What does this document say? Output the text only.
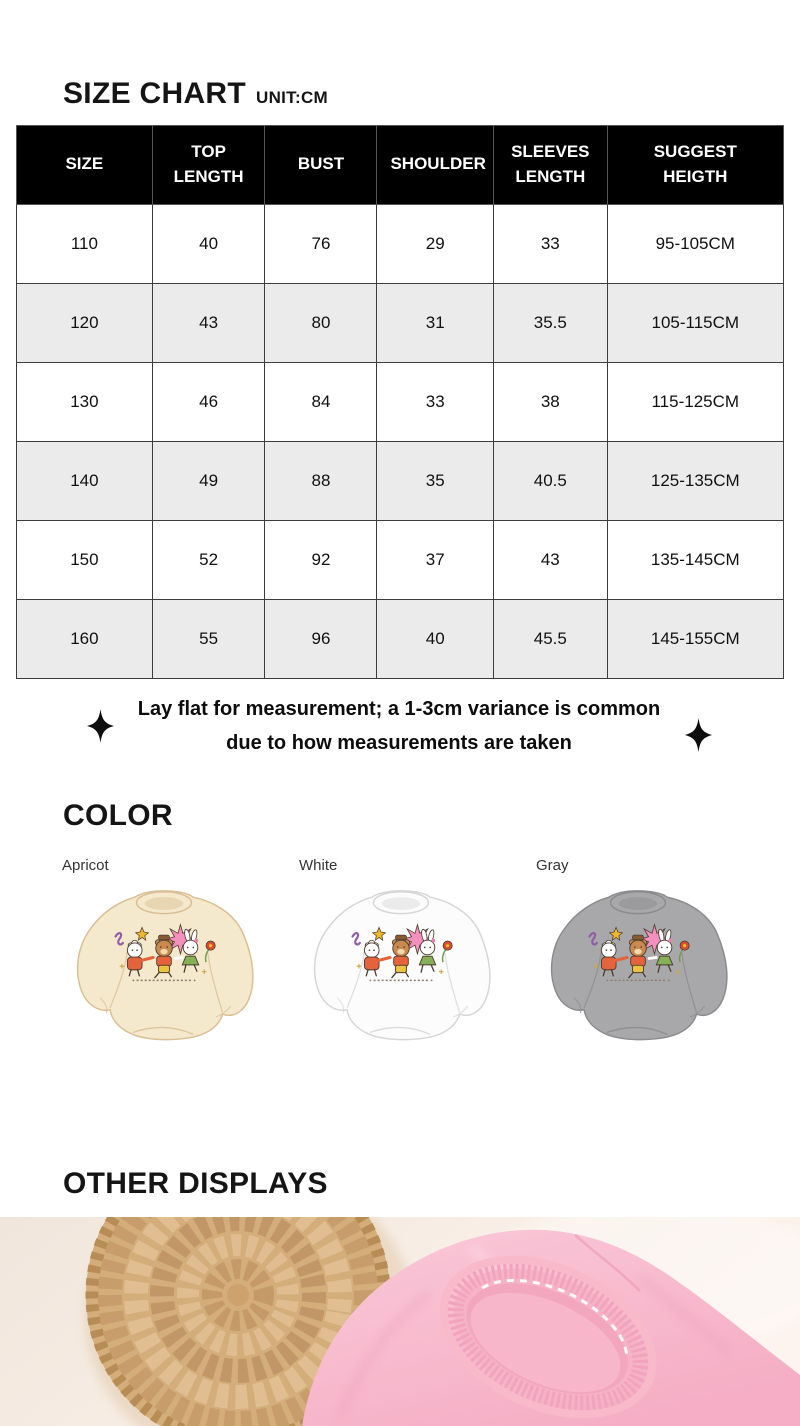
SIZE CHART UNIT:CM
SIZE	TOP LENGTH	BUST	SHOULDER	SLEEVES LENGTH	SUGGEST HEIGTH
110	40	76	29	33	95-105CM
120	43	80	31	35.5	105-115CM
130	46	84	33	38	115-125CM
140	49	88	35	40.5	125-135CM
150	52	92	37	43	135-145CM
160	55	96	40	45.5	145-155CM
Lay flat for measurement; a 1-3cm variance is common
due to how measurements are taken
COLOR
Apricot	White	Gray
OTHER DISPLAYS
